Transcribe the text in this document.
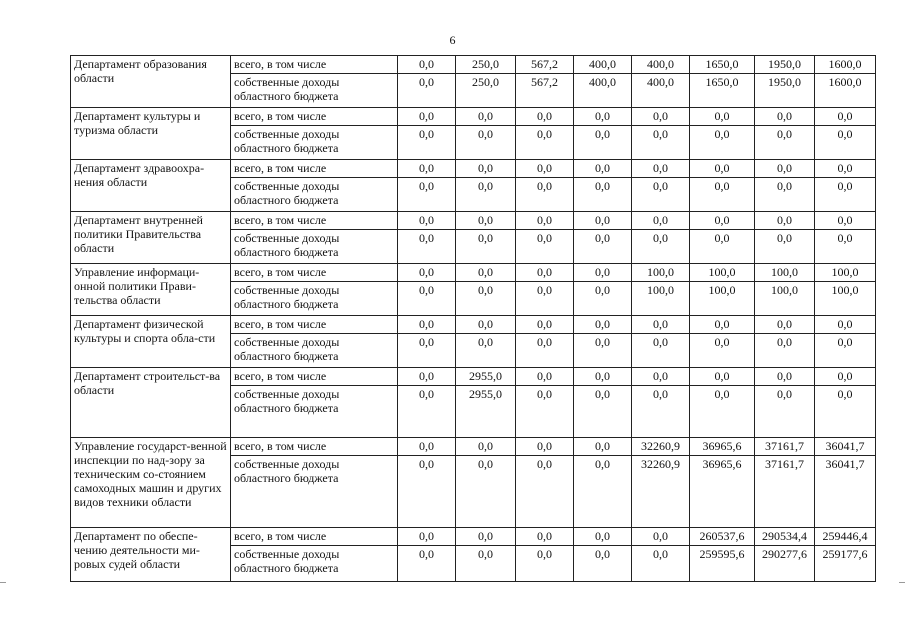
6
Департамент образования области	всего, в том числе	0,0	250,0	567,2	400,0	400,0	1650,0	1950,0	1600,0
	собственные доходы областного бюджета	0,0	250,0	567,2	400,0	400,0	1650,0	1950,0	1600,0
Департамент культуры и туризма области	всего, в том числе	0,0	0,0	0,0	0,0	0,0	0,0	0,0	0,0
	собственные доходы областного бюджета	0,0	0,0	0,0	0,0	0,0	0,0	0,0	0,0
Департамент здравоохра-нения области	всего, в том числе	0,0	0,0	0,0	0,0	0,0	0,0	0,0	0,0
	собственные доходы областного бюджета	0,0	0,0	0,0	0,0	0,0	0,0	0,0	0,0
Департамент внутренней политики Правительства области	всего, в том числе	0,0	0,0	0,0	0,0	0,0	0,0	0,0	0,0
	собственные доходы областного бюджета	0,0	0,0	0,0	0,0	0,0	0,0	0,0	0,0
Управление информаци-онной политики Прави-тельства области	всего, в том числе	0,0	0,0	0,0	0,0	100,0	100,0	100,0	100,0
	собственные доходы областного бюджета	0,0	0,0	0,0	0,0	100,0	100,0	100,0	100,0
Департамент физической культуры и спорта обла-сти	всего, в том числе	0,0	0,0	0,0	0,0	0,0	0,0	0,0	0,0
	собственные доходы областного бюджета	0,0	0,0	0,0	0,0	0,0	0,0	0,0	0,0
Департамент строительст-ва области	всего, в том числе	0,0	2955,0	0,0	0,0	0,0	0,0	0,0	0,0
	собственные доходы областного бюджета	0,0	2955,0	0,0	0,0	0,0	0,0	0,0	0,0
Управление государст-венной инспекции по над-зору за техническим со-стоянием самоходных машин и других видов техники области	всего, в том числе	0,0	0,0	0,0	0,0	32260,9	36965,6	37161,7	36041,7
	собственные доходы областного бюджета	0,0	0,0	0,0	0,0	32260,9	36965,6	37161,7	36041,7
Департамент по обеспе-чению деятельности ми-ровых судей области	всего, в том числе	0,0	0,0	0,0	0,0	0,0	260537,6	290534,4	259446,4
	собственные доходы областного бюджета	0,0	0,0	0,0	0,0	0,0	259595,6	290277,6	259177,6
